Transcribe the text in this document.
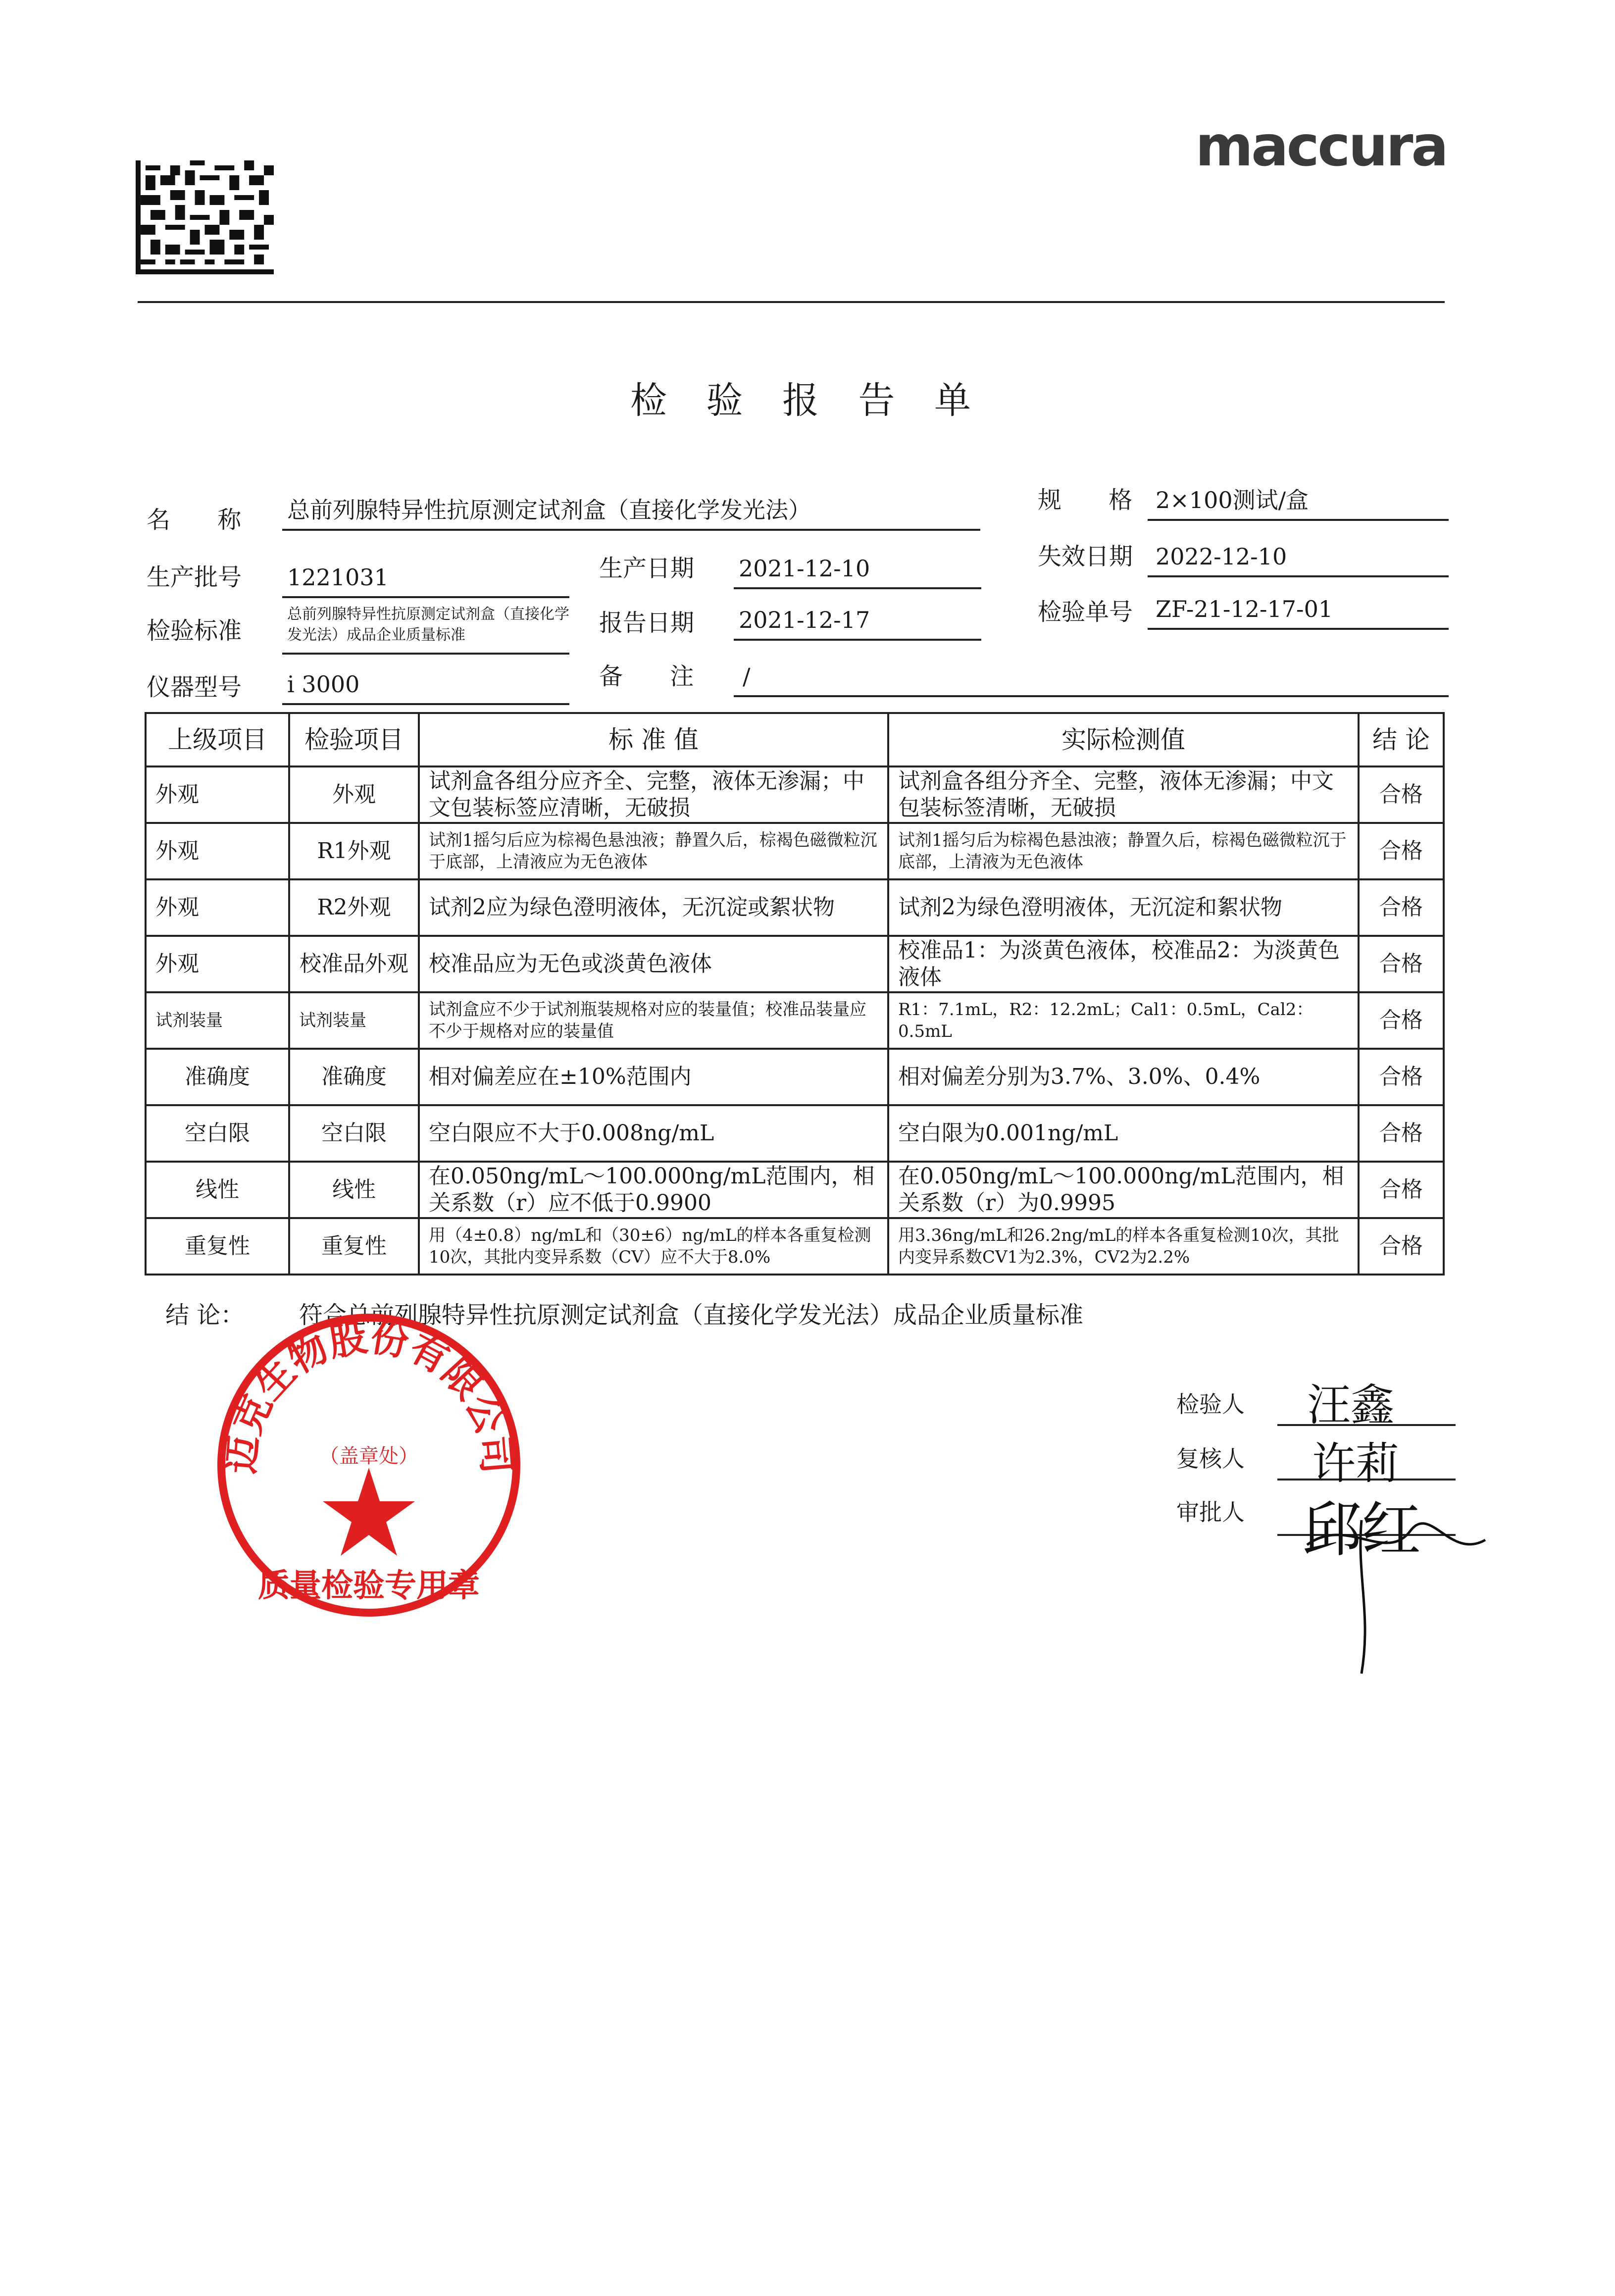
maccura
检 验 报 告 单
名 称 总前列腺特异性抗原测定试剂盒（直接化学发光法）	规 格 2×100测试/盒
生产批号 1221031	生产日期 2021-12-10	失效日期 2022-12-10
检验标准
总前列腺特异性抗原测定试剂盒（直接化学发光法）成品企业质量标准	报告日期 2021-12-17	检验单号 ZF-21-12-17-01
仪器型号 i 3000	备 注 /
上级项目	检验项目	标 准 值	实际检测值	结 论
外观	外观	试剂盒各组分应齐全、完整，液体无渗漏；中文包装标签应清晰，无破损	试剂盒各组分齐全、完整，液体无渗漏；中文包装标签清晰，无破损	合格
外观	R1外观	试剂1摇匀后应为棕褐色悬浊液；静置久后，棕褐色磁微粒沉于底部，上清液应为无色液体	试剂1摇匀后为棕褐色悬浊液；静置久后，棕褐色磁微粒沉于底部，上清液为无色液体	合格
外观	R2外观	试剂2应为绿色澄明液体，无沉淀或絮状物	试剂2为绿色澄明液体，无沉淀和絮状物	合格
外观	校准品外观	校准品应为无色或淡黄色液体	校准品1：为淡黄色液体，校准品2：为淡黄色液体	合格
试剂装量	试剂装量	试剂盒应不少于试剂瓶装规格对应的装量值；校准品装量应不少于规格对应的装量值	R1：7.1mL，R2：12.2mL；Cal1：0.5mL，Cal2：0.5mL	合格
准确度	准确度	相对偏差应在±10%范围内	相对偏差分别为3.7%、3.0%、0.4%	合格
空白限	空白限	空白限应不大于0.008ng/mL	空白限为0.001ng/mL	合格
线性	线性	在0.050ng/mL～100.000ng/mL范围内，相关系数（r）应不低于0.9900	在0.050ng/mL～100.000ng/mL范围内，相关系数（r）为0.9995	合格
重复性	重复性	用（4±0.8）ng/mL和（30±6）ng/mL的样本各重复检测10次，其批内变异系数（CV）应不大于8.0%	用3.36ng/mL和26.2ng/mL的样本各重复检测10次，其批内变异系数CV1为2.3%，CV2为2.2%	合格
结 论： 符合总前列腺特异性抗原测定试剂盒（直接化学发光法）成品企业质量标准
迈克生物股份有限公司
（盖章处）
质量检验专用章
检验人 汪鑫
复核人 许莉
审批人 邱红
